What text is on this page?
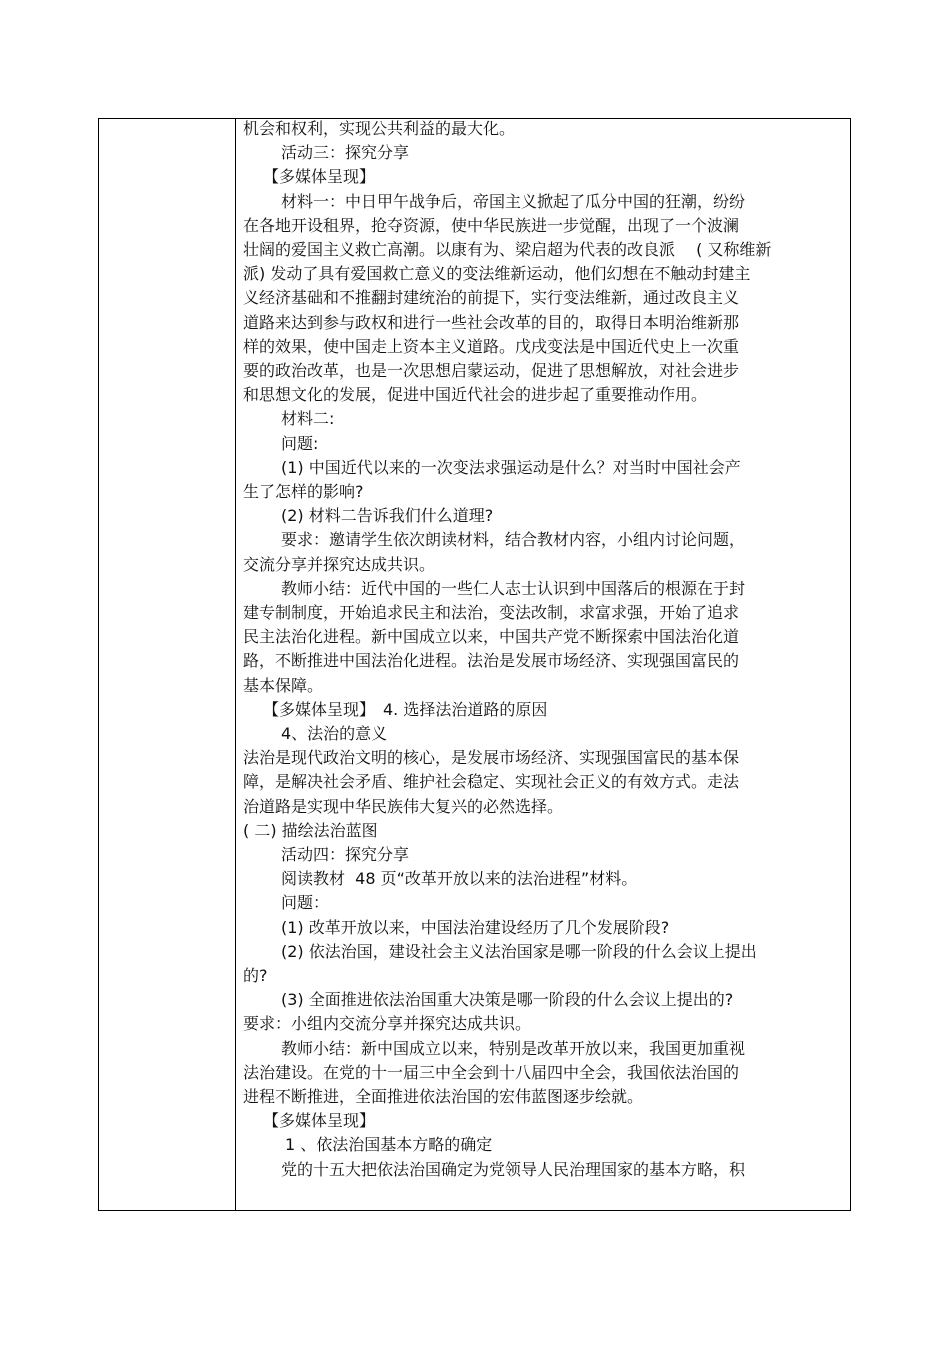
机会和权利，实现公共利益的最大化。
活动三：探究分享
【多媒体呈现】
材料一：中日甲午战争后，帝国主义掀起了瓜分中国的狂潮，纷纷
在各地开设租界，抢夺资源，使中华民族进一步觉醒，出现了一个波澜
壮阔的爱国主义救亡高潮。以康有为、梁启超为代表的改良派 　( 又称维新
派) 发动了具有爱国救亡意义的变法维新运动，他们幻想在不触动封建主
义经济基础和不推翻封建统治的前提下，实行变法维新，通过改良主义
道路来达到参与政权和进行一些社会改革的目的，取得日本明治维新那
样的效果，使中国走上资本主义道路。戊戌变法是中国近代史上一次重
要的政治改革，也是一次思想启蒙运动，促进了思想解放，对社会进步
和思想文化的发展，促进中国近代社会的进步起了重要推动作用。
材料二:
问题:
(1) 中国近代以来的一次变法求强运动是什么？对当时中国社会产
生了怎样的影响?
(2) 材料二告诉我们什么道理?
要求：邀请学生依次朗读材料，结合教材内容，小组内讨论问题，
交流分享并探究达成共识。
教师小结：近代中国的一些仁人志士认识到中国落后的根源在于封
建专制制度，开始追求民主和法治，变法改制，求富求强，开始了追求
民主法治化进程。新中国成立以来，中国共产党不断探索中国法治化道
路，不断推进中国法治化进程。法治是发展市场经济、实现强国富民的
基本保障。
【多媒体呈现】　4. 选择法治道路的原因
4、法治的意义
法治是现代政治文明的核心，是发展市场经济、实现强国富民的基本保
障，是解决社会矛盾、维护社会稳定、实现社会正义的有效方式。走法
治道路是实现中华民族伟大复兴的必然选择。
( 二) 描绘法治蓝图
活动四：探究分享
阅读教材  48 页“改革开放以来的法治进程”材料。
问题：
(1) 改革开放以来，中国法治建设经历了几个发展阶段?
(2) 依法治国，建设社会主义法治国家是哪一阶段的什么会议上提出
的?
(3) 全面推进依法治国重大决策是哪一阶段的什么会议上提出的?
要求：小组内交流分享并探究达成共识。
教师小结：新中国成立以来，特别是改革开放以来，我国更加重视
法治建设。在党的十一届三中全会到十八届四中全会，我国依法治国的
进程不断推进，全面推进依法治国的宏伟蓝图逐步绘就。
【多媒体呈现】
1 、依法治国基本方略的确定
党的十五大把依法治国确定为党领导人民治理国家的基本方略，积
